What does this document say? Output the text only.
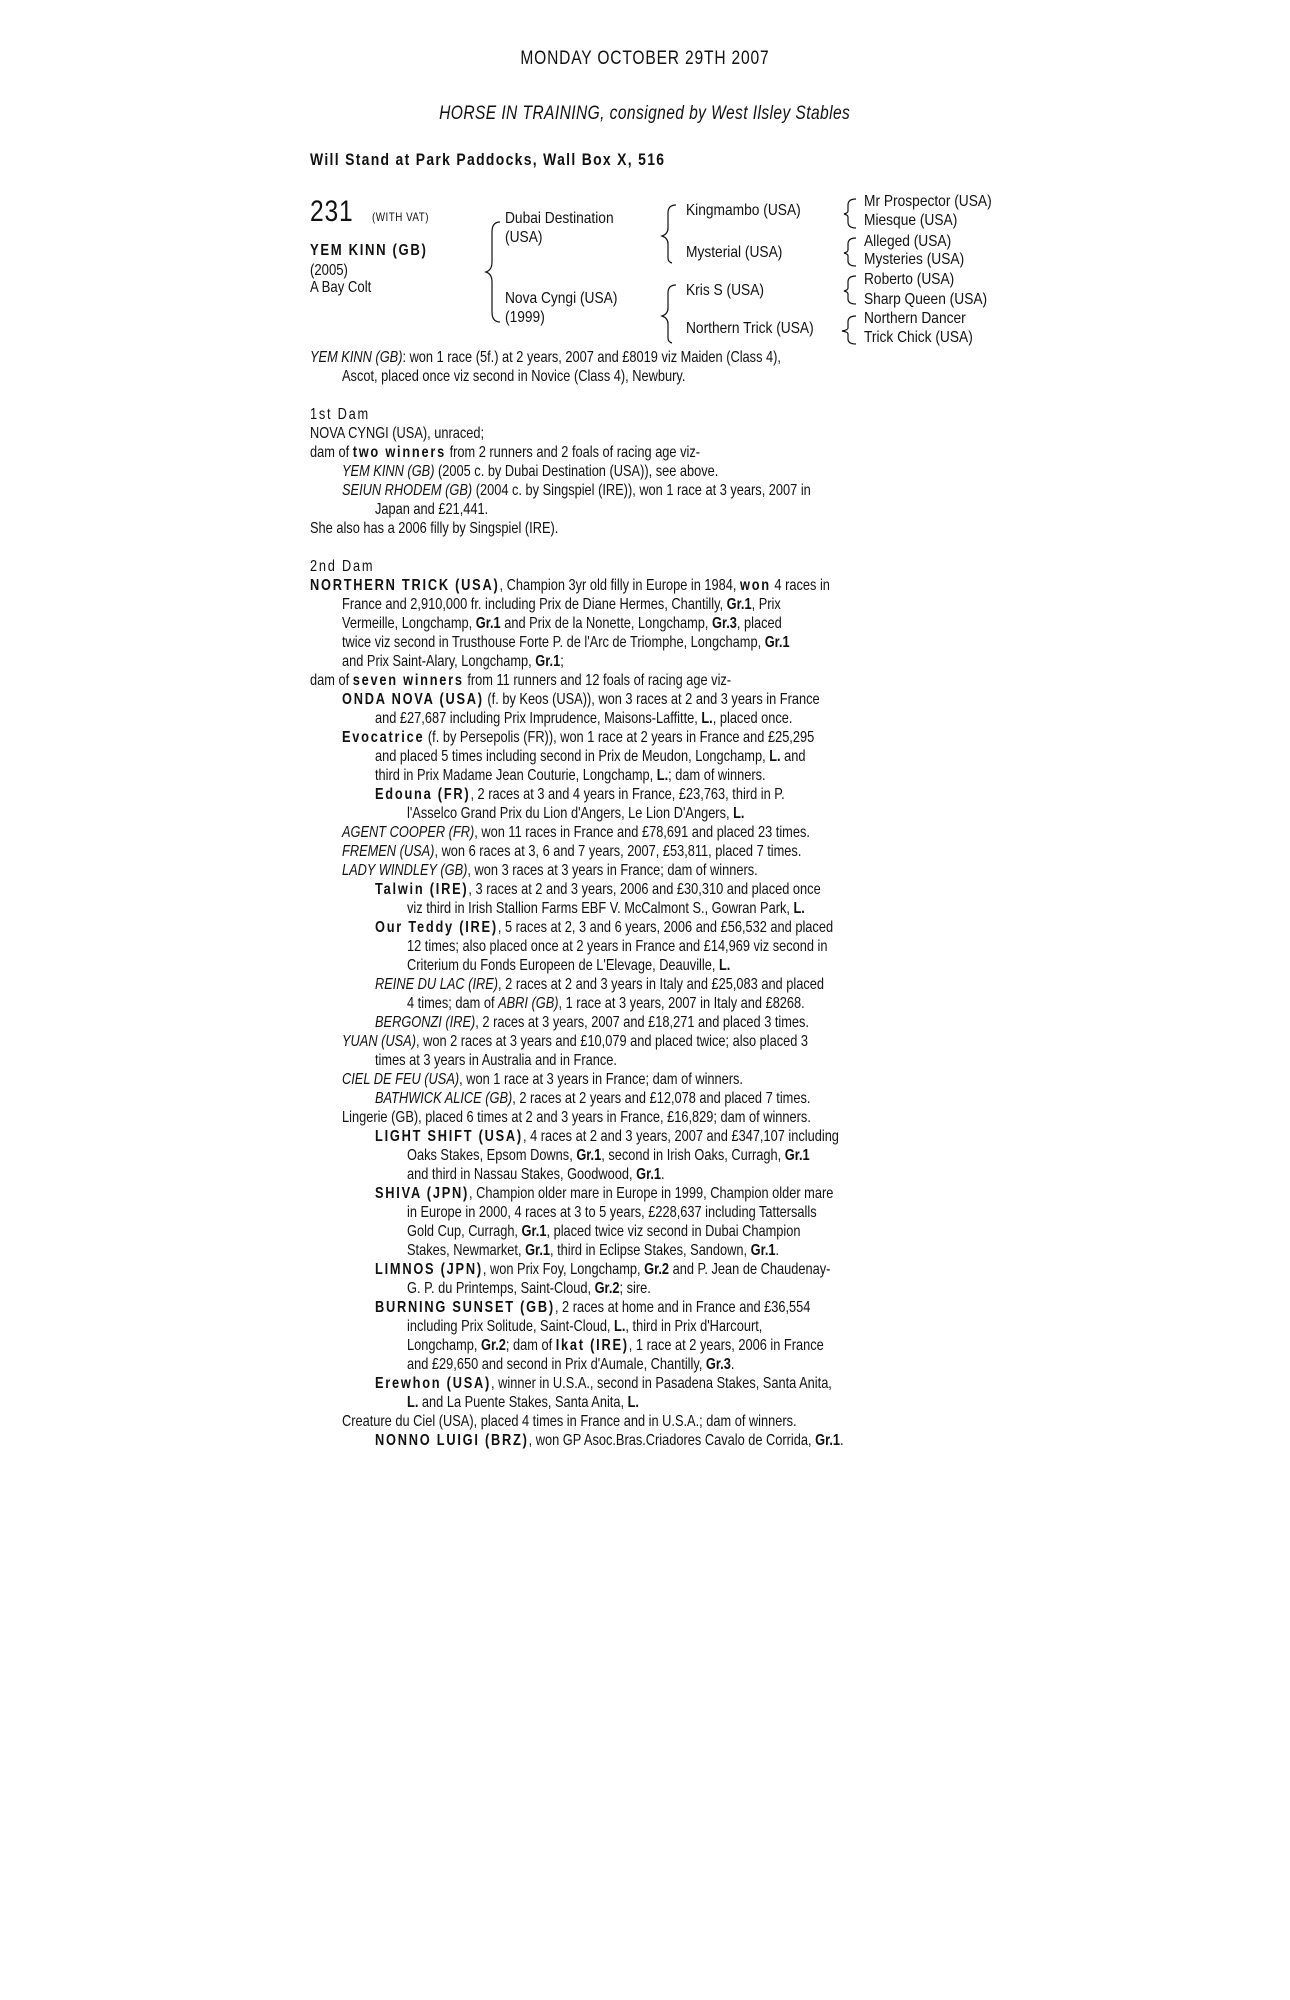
MONDAY OCTOBER 29TH 2007
HORSE IN TRAINING, consigned by West Ilsley Stables
Will Stand at Park Paddocks, Wall Box X, 516
231	(WITH VAT)
YEM KINN (GB)
(2005)
A Bay Colt
Dubai Destination
(USA)
Nova Cyngi (USA)
(1999)
Kingmambo (USA)
Mysterial (USA)
Kris S (USA)
Northern Trick (USA)
Mr Prospector (USA)
Miesque (USA)
Alleged (USA)
Mysteries (USA)
Roberto (USA)
Sharp Queen (USA)
Northern Dancer
Trick Chick (USA)
YEM KINN (GB): won 1 race (5f.) at 2 years, 2007 and £8019 viz Maiden (Class 4),
Ascot, placed once viz second in Novice (Class 4), Newbury.
1st Dam
NOVA CYNGI (USA), unraced;
dam of two winners from 2 runners and 2 foals of racing age viz-
YEM KINN (GB) (2005 c. by Dubai Destination (USA)), see above.
SEIUN RHODEM (GB) (2004 c. by Singspiel (IRE)), won 1 race at 3 years, 2007 in
Japan and £21,441.
She also has a 2006 filly by Singspiel (IRE).
2nd Dam
NORTHERN TRICK (USA), Champion 3yr old filly in Europe in 1984, won 4 races in
France and 2,910,000 fr. including Prix de Diane Hermes, Chantilly, Gr.1, Prix
Vermeille, Longchamp, Gr.1 and Prix de la Nonette, Longchamp, Gr.3, placed
twice viz second in Trusthouse Forte P. de l'Arc de Triomphe, Longchamp, Gr.1
and Prix Saint-Alary, Longchamp, Gr.1;
dam of seven winners from 11 runners and 12 foals of racing age viz-
ONDA NOVA (USA) (f. by Keos (USA)), won 3 races at 2 and 3 years in France
and £27,687 including Prix Imprudence, Maisons-Laffitte, L., placed once.
Evocatrice (f. by Persepolis (FR)), won 1 race at 2 years in France and £25,295
and placed 5 times including second in Prix de Meudon, Longchamp, L. and
third in Prix Madame Jean Couturie, Longchamp, L.; dam of winners.
Edouna (FR), 2 races at 3 and 4 years in France, £23,763, third in P.
l'Asselco Grand Prix du Lion d'Angers, Le Lion D'Angers, L.
AGENT COOPER (FR), won 11 races in France and £78,691 and placed 23 times.
FREMEN (USA), won 6 races at 3, 6 and 7 years, 2007, £53,811, placed 7 times.
LADY WINDLEY (GB), won 3 races at 3 years in France; dam of winners.
Talwin (IRE), 3 races at 2 and 3 years, 2006 and £30,310 and placed once
viz third in Irish Stallion Farms EBF V. McCalmont S., Gowran Park, L.
Our Teddy (IRE), 5 races at 2, 3 and 6 years, 2006 and £56,532 and placed
12 times; also placed once at 2 years in France and £14,969 viz second in
Criterium du Fonds Europeen de L'Elevage, Deauville, L.
REINE DU LAC (IRE), 2 races at 2 and 3 years in Italy and £25,083 and placed
4 times; dam of ABRI (GB), 1 race at 3 years, 2007 in Italy and £8268.
BERGONZI (IRE), 2 races at 3 years, 2007 and £18,271 and placed 3 times.
YUAN (USA), won 2 races at 3 years and £10,079 and placed twice; also placed 3
times at 3 years in Australia and in France.
CIEL DE FEU (USA), won 1 race at 3 years in France; dam of winners.
BATHWICK ALICE (GB), 2 races at 2 years and £12,078 and placed 7 times.
Lingerie (GB), placed 6 times at 2 and 3 years in France, £16,829; dam of winners.
LIGHT SHIFT (USA), 4 races at 2 and 3 years, 2007 and £347,107 including
Oaks Stakes, Epsom Downs, Gr.1, second in Irish Oaks, Curragh, Gr.1
and third in Nassau Stakes, Goodwood, Gr.1.
SHIVA (JPN), Champion older mare in Europe in 1999, Champion older mare
in Europe in 2000, 4 races at 3 to 5 years, £228,637 including Tattersalls
Gold Cup, Curragh, Gr.1, placed twice viz second in Dubai Champion
Stakes, Newmarket, Gr.1, third in Eclipse Stakes, Sandown, Gr.1.
LIMNOS (JPN), won Prix Foy, Longchamp, Gr.2 and P. Jean de Chaudenay-
G. P. du Printemps, Saint-Cloud, Gr.2; sire.
BURNING SUNSET (GB), 2 races at home and in France and £36,554
including Prix Solitude, Saint-Cloud, L., third in Prix d'Harcourt,
Longchamp, Gr.2; dam of Ikat (IRE), 1 race at 2 years, 2006 in France
and £29,650 and second in Prix d'Aumale, Chantilly, Gr.3.
Erewhon (USA), winner in U.S.A., second in Pasadena Stakes, Santa Anita,
L. and La Puente Stakes, Santa Anita, L.
Creature du Ciel (USA), placed 4 times in France and in U.S.A.; dam of winners.
NONNO LUIGI (BRZ), won GP Asoc.Bras.Criadores Cavalo de Corrida, Gr.1.
